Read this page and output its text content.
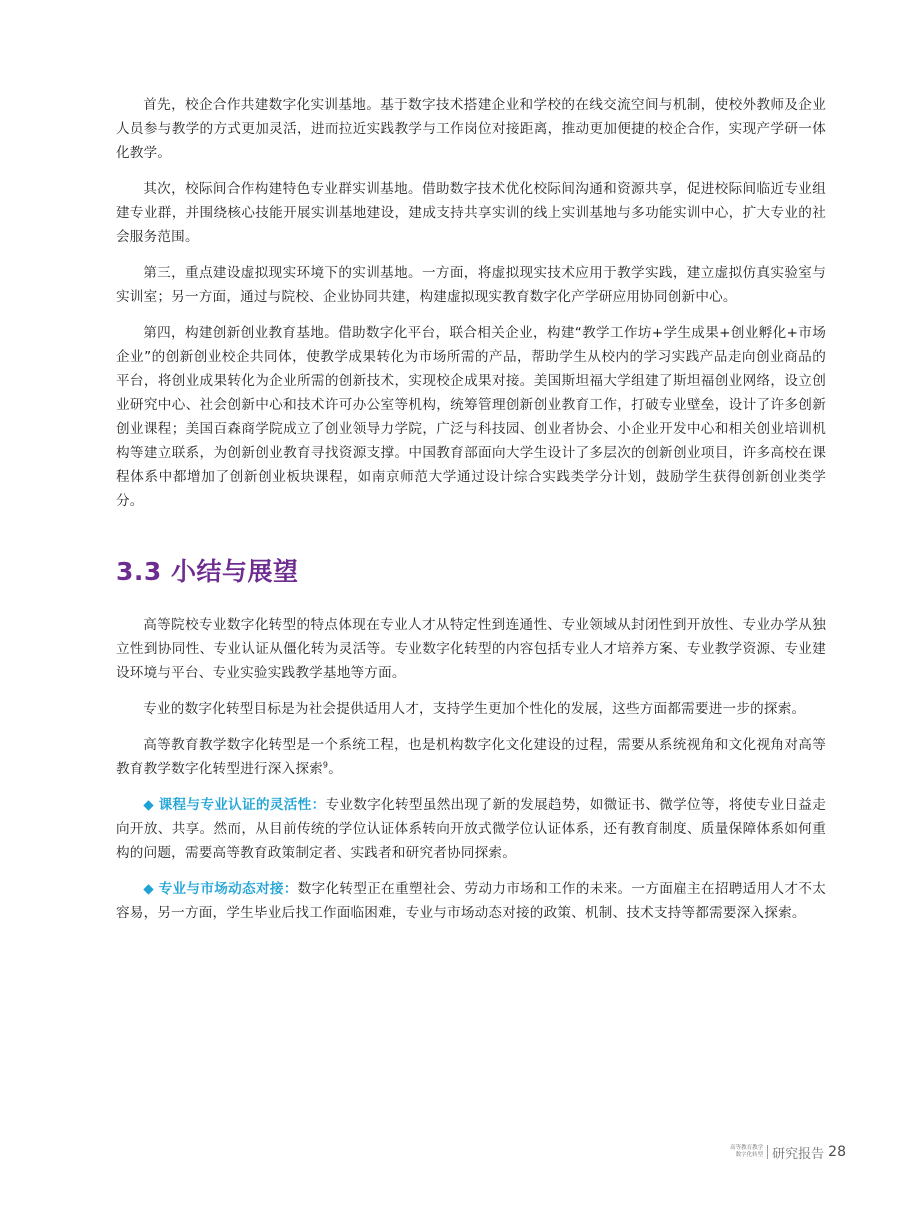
首先，校企合作共建数字化实训基地。基于数字技术搭建企业和学校的在线交流空间与机制，使校外教师及企业人员参与教学的方式更加灵活，进而拉近实践教学与工作岗位对接距离，推动更加便捷的校企合作，实现产学研一体化教学。

其次，校际间合作构建特色专业群实训基地。借助数字技术优化校际间沟通和资源共享，促进校际间临近专业组建专业群，并围绕核心技能开展实训基地建设，建成支持共享实训的线上实训基地与多功能实训中心，扩大专业的社会服务范围。

第三，重点建设虚拟现实环境下的实训基地。一方面，将虚拟现实技术应用于教学实践，建立虚拟仿真实验室与实训室；另一方面，通过与院校、企业协同共建，构建虚拟现实教育数字化产学研应用协同创新中心。

第四，构建创新创业教育基地。借助数字化平台，联合相关企业，构建“教学工作坊+学生成果+创业孵化+市场企业”的创新创业校企共同体，使教学成果转化为市场所需的产品，帮助学生从校内的学习实践产品走向创业商品的平台，将创业成果转化为企业所需的创新技术，实现校企成果对接。美国斯坦福大学组建了斯坦福创业网络，设立创业研究中心、社会创新中心和技术许可办公室等机构，统筹管理创新创业教育工作，打破专业壁垒，设计了许多创新创业课程；美国百森商学院成立了创业领导力学院，广泛与科技园、创业者协会、小企业开发中心和相关创业培训机构等建立联系，为创新创业教育寻找资源支撑。中国教育部面向大学生设计了多层次的创新创业项目，许多高校在课程体系中都增加了创新创业板块课程，如南京师范大学通过设计综合实践类学分计划，鼓励学生获得创新创业类学分。

3.3 小结与展望

高等院校专业数字化转型的特点体现在专业人才从特定性到连通性、专业领域从封闭性到开放性、专业办学从独立性到协同性、专业认证从僵化转为灵活等。专业数字化转型的内容包括专业人才培养方案、专业教学资源、专业建设环境与平台、专业实验实践教学基地等方面。

专业的数字化转型目标是为社会提供适用人才，支持学生更加个性化的发展，这些方面都需要进一步的探索。

高等教育教学数字化转型是一个系统工程，也是机构数字化文化建设的过程，需要从系统视角和文化视角对高等教育教学数字化转型进行深入探索$^9$。

◆ 课程与专业认证的灵活性：专业数字化转型虽然出现了新的发展趋势，如微证书、微学位等，将使专业日益走向开放、共享。然而，从目前传统的学位认证体系转向开放式微学位认证体系，还有教育制度、质量保障体系如何重构的问题，需要高等教育政策制定者、实践者和研究者协同探索。

◆ 专业与市场动态对接：数字化转型正在重塑社会、劳动力市场和工作的未来。一方面雇主在招聘适用人才不太容易，另一方面，学生毕业后找工作面临困难，专业与市场动态对接的政策、机制、技术支持等都需要深入探索。

高等教育教学
数字化转型 研究报告 28
